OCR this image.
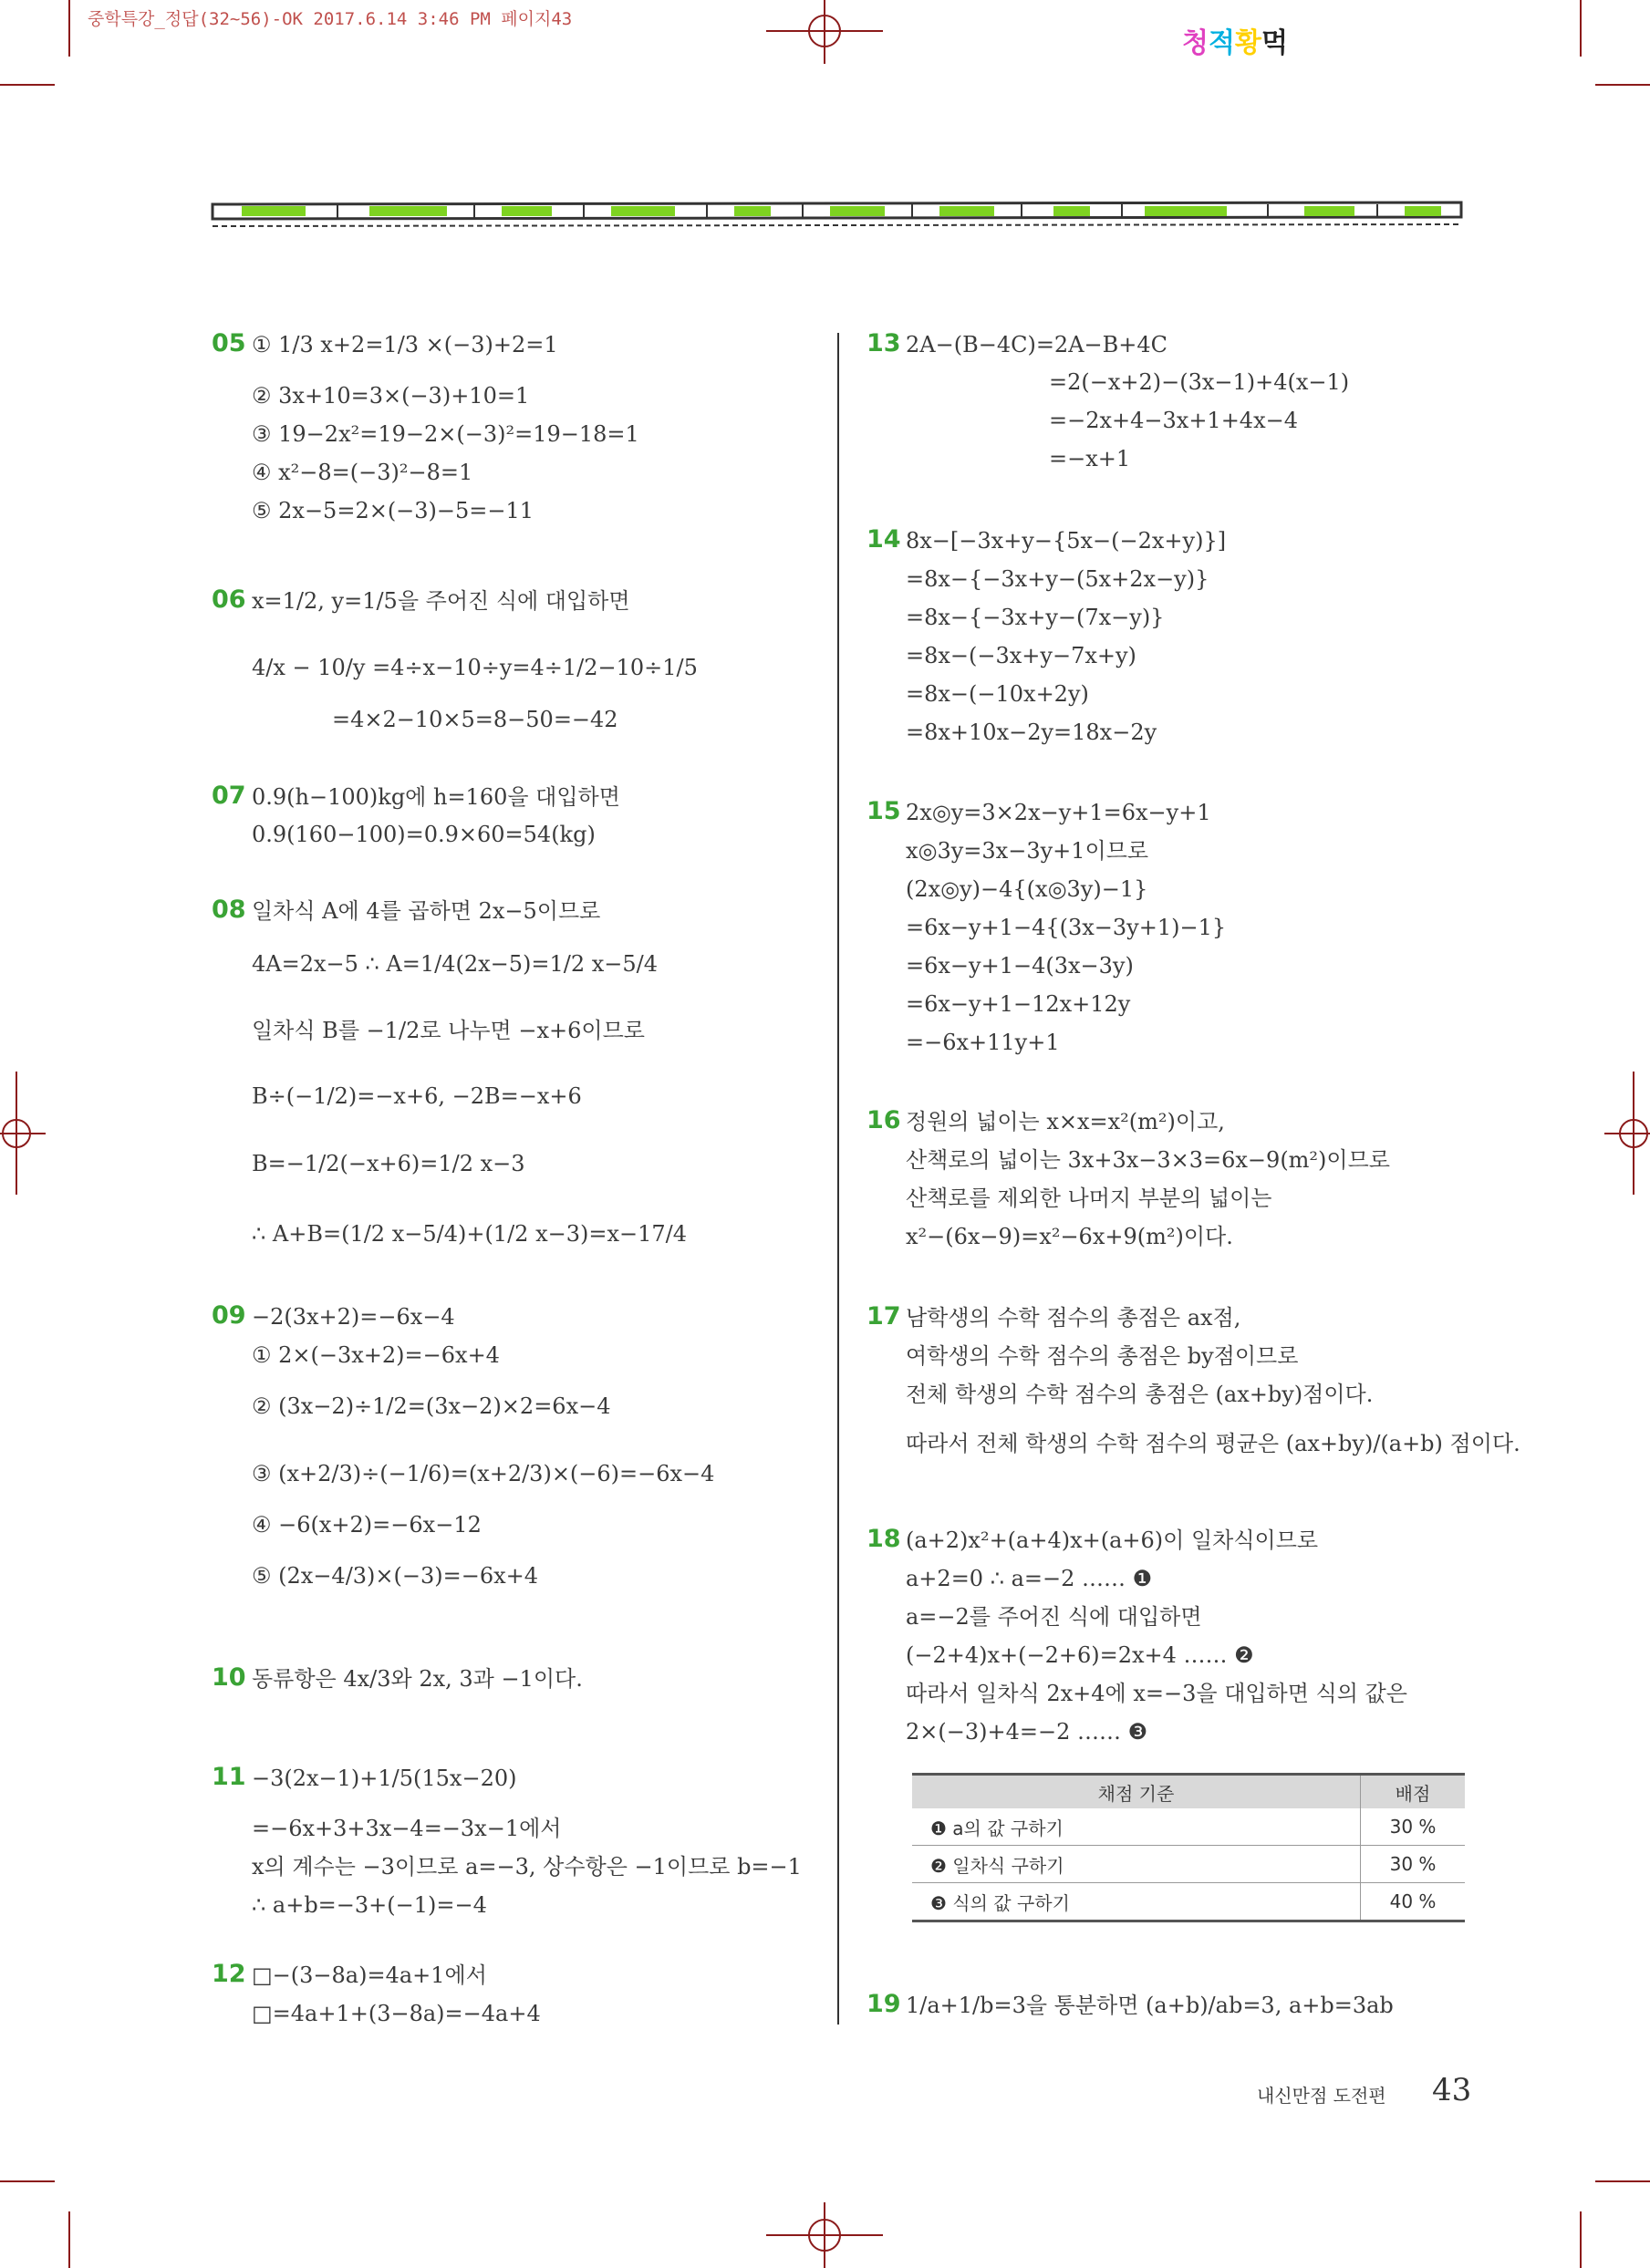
중학특강_정답(32~56)-OK 2017.6.14 3:46 PM 페이지43
청적황먹
05 ① 1/3 x+2=1/3 ×(−3)+2=1
② 3x+10=3×(−3)+10=1
③ 19−2x²=19−2×(−3)²=19−18=1
④ x²−8=(−3)²−8=1
⑤ 2x−5=2×(−3)−5=−11
06 x=1/2, y=1/5을 주어진 식에 대입하면
4/x − 10/y =4÷x−10÷y=4÷1/2−10÷1/5
=4×2−10×5=8−50=−42
07 0.9(h−100)kg에 h=160을 대입하면
0.9(160−100)=0.9×60=54(kg)
08 일차식 A에 4를 곱하면 2x−5이므로
4A=2x−5 ∴ A=1/4(2x−5)=1/2 x−5/4
일차식 B를 −1/2로 나누면 −x+6이므로
B÷(−1/2)=−x+6, −2B=−x+6
B=−1/2(−x+6)=1/2 x−3
∴ A+B=(1/2 x−5/4)+(1/2 x−3)=x−17/4
09 −2(3x+2)=−6x−4
① 2×(−3x+2)=−6x+4
② (3x−2)÷1/2=(3x−2)×2=6x−4
③ (x+2/3)÷(−1/6)=(x+2/3)×(−6)=−6x−4
④ −6(x+2)=−6x−12
⑤ (2x−4/3)×(−3)=−6x+4
10 동류항은 4x/3와 2x, 3과 −1이다.
11 −3(2x−1)+1/5(15x−20)
=−6x+3+3x−4=−3x−1에서
x의 계수는 −3이므로 a=−3, 상수항은 −1이므로 b=−1
∴ a+b=−3+(−1)=−4
12 □−(3−8a)=4a+1에서
□=4a+1+(3−8a)=−4a+4
13 2A−(B−4C)=2A−B+4C
=2(−x+2)−(3x−1)+4(x−1)
=−2x+4−3x+1+4x−4
=−x+1
14 8x−[−3x+y−{5x−(−2x+y)}]
=8x−{−3x+y−(5x+2x−y)}
=8x−{−3x+y−(7x−y)}
=8x−(−3x+y−7x+y)
=8x−(−10x+2y)
=8x+10x−2y=18x−2y
15 2x◎y=3×2x−y+1=6x−y+1
x◎3y=3x−3y+1이므로
(2x◎y)−4{(x◎3y)−1}
=6x−y+1−4{(3x−3y+1)−1}
=6x−y+1−4(3x−3y)
=6x−y+1−12x+12y
=−6x+11y+1
16 정원의 넓이는 x×x=x²(m²)이고,
산책로의 넓이는 3x+3x−3×3=6x−9(m²)이므로
산책로를 제외한 나머지 부분의 넓이는
x²−(6x−9)=x²−6x+9(m²)이다.
17 남학생의 수학 점수의 총점은 ax점,
여학생의 수학 점수의 총점은 by점이므로
전체 학생의 수학 점수의 총점은 (ax+by)점이다.
따라서 전체 학생의 수학 점수의 평균은 (ax+by)/(a+b) 점이다.
18 (a+2)x²+(a+4)x+(a+6)이 일차식이므로
a+2=0 ∴ a=−2 …… ❶
a=−2를 주어진 식에 대입하면
(−2+4)x+(−2+6)=2x+4 …… ❷
따라서 일차식 2x+4에 x=−3을 대입하면 식의 값은
2×(−3)+4=−2 …… ❸
채점 기준	배점
❶ a의 값 구하기	30 %
❷ 일차식 구하기	30 %
❸ 식의 값 구하기	40 %
19 1/a+1/b=3을 통분하면 (a+b)/ab=3, a+b=3ab
내신만점 도전편 43
